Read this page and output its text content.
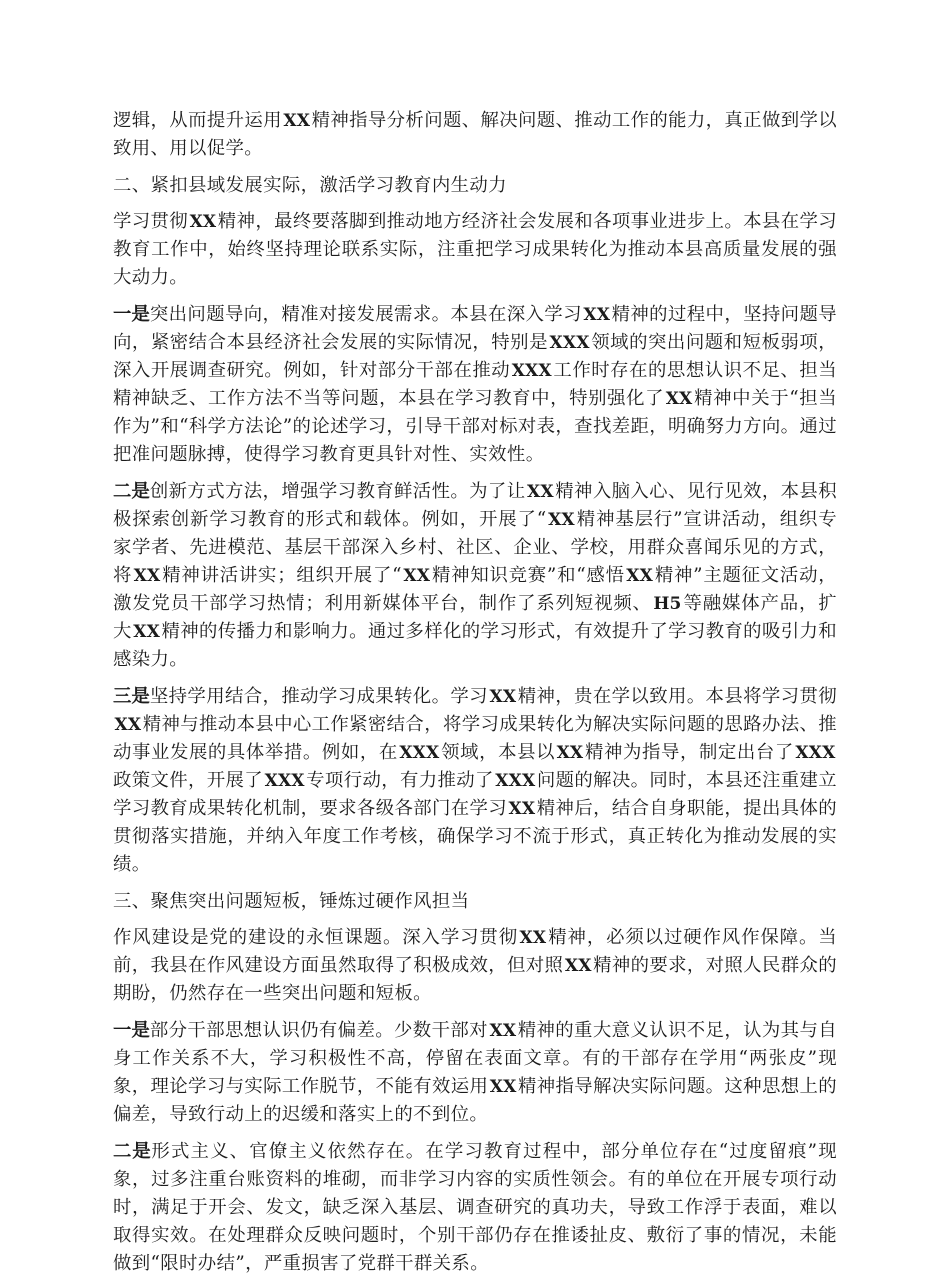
逻辑，从而提升运用XX精神指导分析问题、解决问题、推动工作的能力，真正做到学以致用、用以促学。

二、紧扣县域发展实际，激活学习教育内生动力

学习贯彻XX精神，最终要落脚到推动地方经济社会发展和各项事业进步上。本县在学习教育工作中，始终坚持理论联系实际，注重把学习成果转化为推动本县高质量发展的强大动力。

一是突出问题导向，精准对接发展需求。本县在深入学习XX精神的过程中，坚持问题导向，紧密结合本县经济社会发展的实际情况，特别是XXX领域的突出问题和短板弱项，深入开展调查研究。例如，针对部分干部在推动XXX工作时存在的思想认识不足、担当精神缺乏、工作方法不当等问题，本县在学习教育中，特别强化了XX精神中关于“担当作为”和“科学方法论”的论述学习，引导干部对标对表，查找差距，明确努力方向。通过把准问题脉搏，使得学习教育更具针对性、实效性。

二是创新方式方法，增强学习教育鲜活性。为了让XX精神入脑入心、见行见效，本县积极探索创新学习教育的形式和载体。例如，开展了“XX精神基层行”宣讲活动，组织专家学者、先进模范、基层干部深入乡村、社区、企业、学校，用群众喜闻乐见的方式，将XX精神讲活讲实；组织开展了“XX精神知识竞赛”和“感悟XX精神”主题征文活动，激发党员干部学习热情；利用新媒体平台，制作了系列短视频、H5等融媒体产品，扩大XX精神的传播力和影响力。通过多样化的学习形式，有效提升了学习教育的吸引力和感染力。

三是坚持学用结合，推动学习成果转化。学习XX精神，贵在学以致用。本县将学习贯彻XX精神与推动本县中心工作紧密结合，将学习成果转化为解决实际问题的思路办法、推动事业发展的具体举措。例如，在XXX领域，本县以XX精神为指导，制定出台了XXX政策文件，开展了XXX专项行动，有力推动了XXX问题的解决。同时，本县还注重建立学习教育成果转化机制，要求各级各部门在学习XX精神后，结合自身职能，提出具体的贯彻落实措施，并纳入年度工作考核，确保学习不流于形式，真正转化为推动发展的实绩。

三、聚焦突出问题短板，锤炼过硬作风担当

作风建设是党的建设的永恒课题。深入学习贯彻XX精神，必须以过硬作风作保障。当前，我县在作风建设方面虽然取得了积极成效，但对照XX精神的要求，对照人民群众的期盼，仍然存在一些突出问题和短板。

一是部分干部思想认识仍有偏差。少数干部对XX精神的重大意义认识不足，认为其与自身工作关系不大，学习积极性不高，停留在表面文章。有的干部存在学用“两张皮”现象，理论学习与实际工作脱节，不能有效运用XX精神指导解决实际问题。这种思想上的偏差，导致行动上的迟缓和落实上的不到位。

二是形式主义、官僚主义依然存在。在学习教育过程中，部分单位存在“过度留痕”现象，过多注重台账资料的堆砌，而非学习内容的实质性领会。有的单位在开展专项行动时，满足于开会、发文，缺乏深入基层、调查研究的真功夫，导致工作浮于表面，难以取得实效。在处理群众反映问题时，个别干部仍存在推诿扯皮、敷衍了事的情况，未能做到“限时办结”，严重损害了党群干群关系。
